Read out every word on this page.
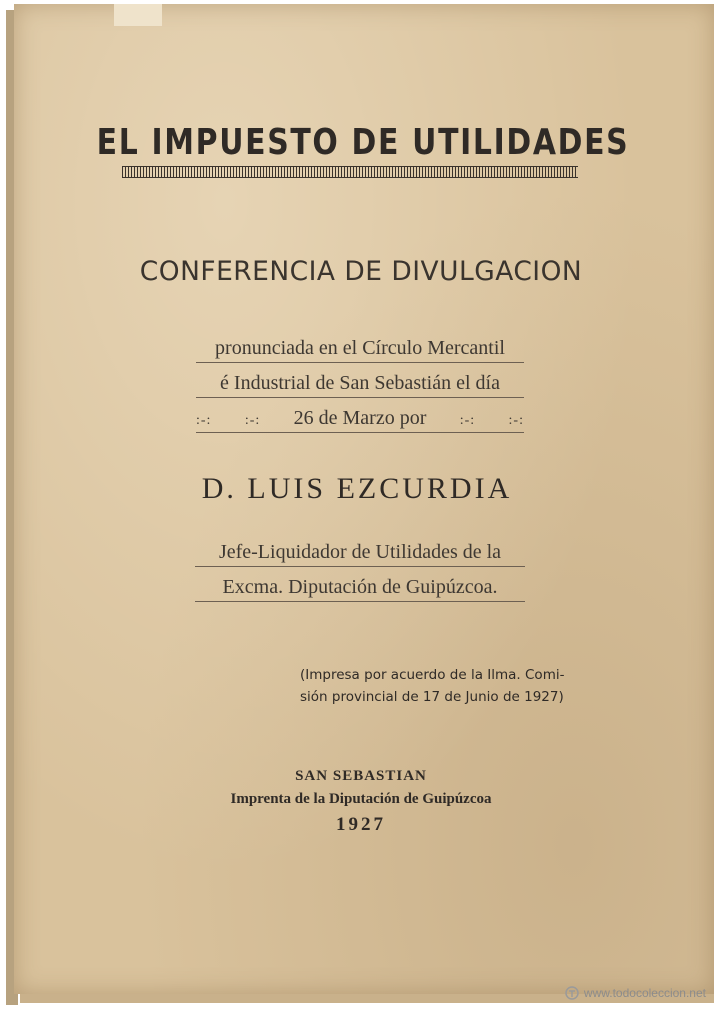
EL IMPUESTO DE UTILIDADES
CONFERENCIA DE DIVULGACION
pronunciada en el Círculo Mercantil
é Industrial de San Sebastián el día
:-: :-: 26 de Marzo por :-: :-:
D. LUIS EZCURDIA
Jefe-Liquidador de Utilidades de la
Excma. Diputación de Guipúzcoa.
(Impresa por acuerdo de la Ilma. Comi-
sión provincial de 17 de Junio de 1927)
SAN SEBASTIAN
Imprenta de la Diputación de Guipúzcoa
1927
www.todocoleccion.net
